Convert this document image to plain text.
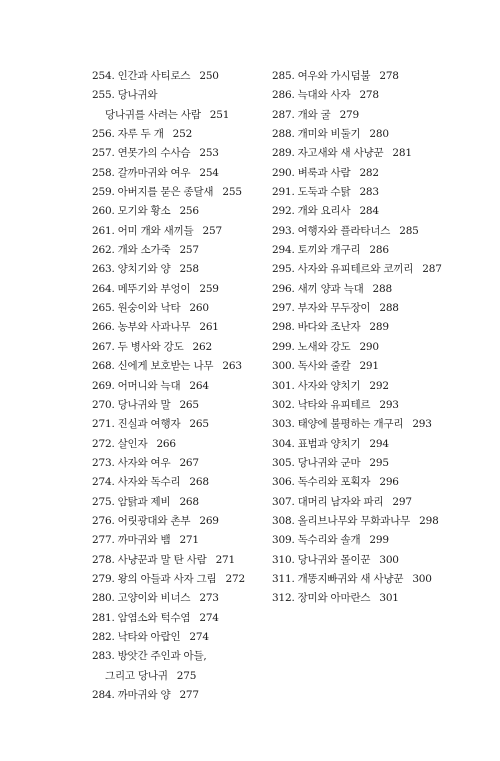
254. 인간과 사티로스 250
255. 당나귀와
당나귀를 사려는 사람 251
256. 자루 두 개 252
257. 연못가의 수사슴 253
258. 갈까마귀와 여우 254
259. 아버지를 묻은 종달새 255
260. 모기와 황소 256
261. 어미 개와 새끼들 257
262. 개와 소가죽 257
263. 양치기와 양 258
264. 메뚜기와 부엉이 259
265. 원숭이와 낙타 260
266. 농부와 사과나무 261
267. 두 병사와 강도 262
268. 신에게 보호받는 나무 263
269. 어머니와 늑대 264
270. 당나귀와 말 265
271. 진실과 여행자 265
272. 살인자 266
273. 사자와 여우 267
274. 사자와 독수리 268
275. 암탉과 제비 268
276. 어릿광대와 촌부 269
277. 까마귀와 뱀 271
278. 사냥꾼과 말 탄 사람 271
279. 왕의 아들과 사자 그림 272
280. 고양이와 비너스 273
281. 암염소와 턱수염 274
282. 낙타와 아랍인 274
283. 방앗간 주인과 아들,
그리고 당나귀 275
284. 까마귀와 양 277
285. 여우와 가시덤불 278
286. 늑대와 사자 278
287. 개와 굴 279
288. 개미와 비둘기 280
289. 자고새와 새 사냥꾼 281
290. 벼룩과 사람 282
291. 도둑과 수탉 283
292. 개와 요리사 284
293. 여행자와 플라타너스 285
294. 토끼와 개구리 286
295. 사자와 유피테르와 코끼리 287
296. 새끼 양과 늑대 288
297. 부자와 무두장이 288
298. 바다와 조난자 289
299. 노새와 강도 290
300. 독사와 줄칼 291
301. 사자와 양치기 292
302. 낙타와 유피테르 293
303. 태양에 불평하는 개구리 293
304. 표범과 양치기 294
305. 당나귀와 군마 295
306. 독수리와 포획자 296
307. 대머리 남자와 파리 297
308. 올리브나무와 무화과나무 298
309. 독수리와 솔개 299
310. 당나귀와 몰이꾼 300
311. 개똥지빠귀와 새 사냥꾼 300
312. 장미와 아마란스 301
